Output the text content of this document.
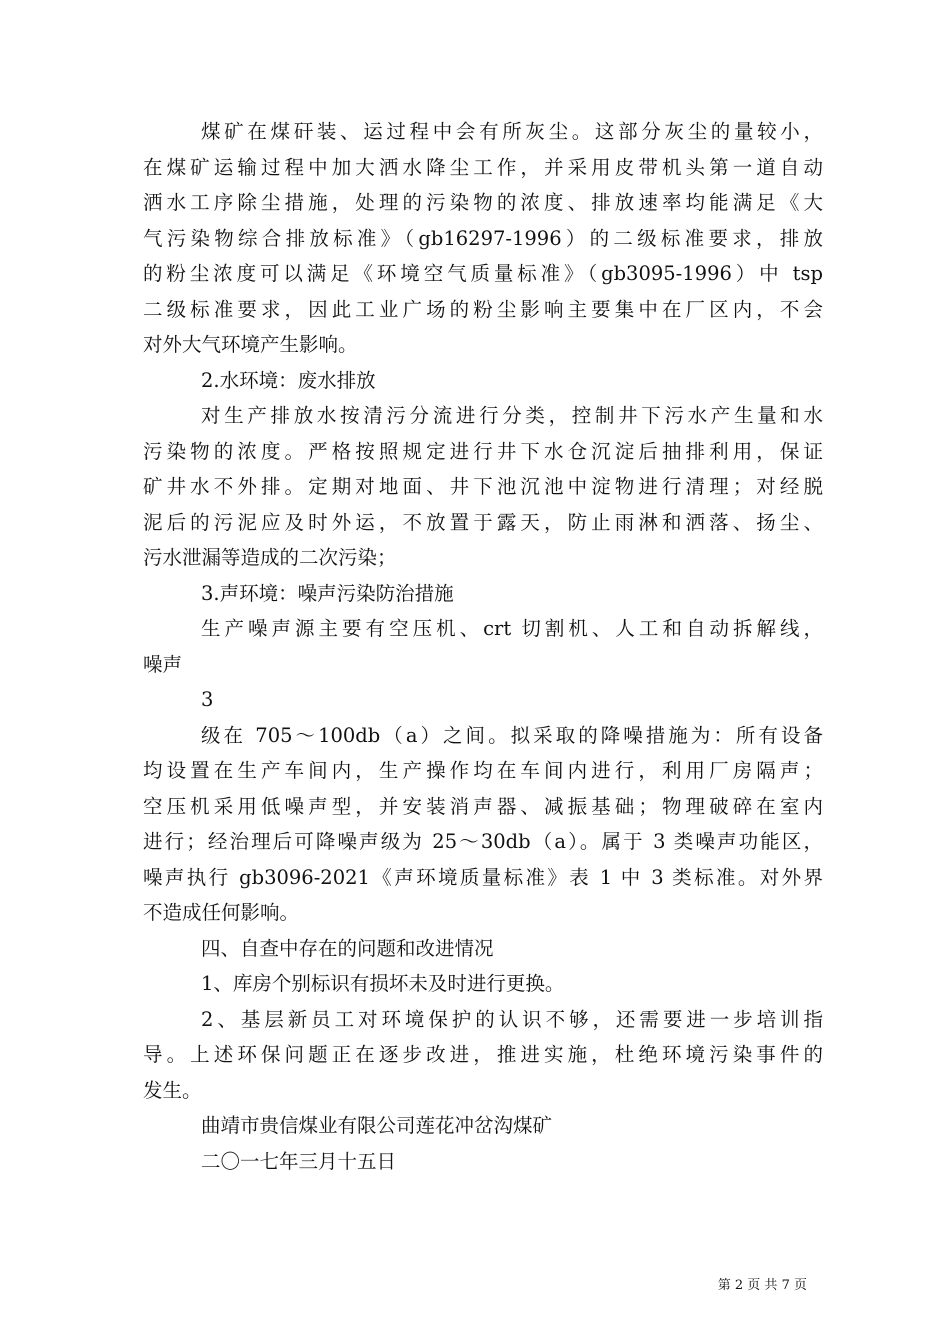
煤矿在煤矸装、运过程中会有所灰尘。这部分灰尘的量较小，
在煤矿运输过程中加大洒水降尘工作，并采用皮带机头第一道自动
洒水工序除尘措施，处理的污染物的浓度、排放速率均能满足《大
气污染物综合排放标准》（gb16297-1996）的二级标准要求，排放
的粉尘浓度可以满足《环境空气质量标准》（gb3095-1996）中 tsp
二级标准要求，因此工业广场的粉尘影响主要集中在厂区内，不会
对外大气环境产生影响。
2.水环境：废水排放
对生产排放水按清污分流进行分类，控制井下污水产生量和水
污染物的浓度。严格按照规定进行井下水仓沉淀后抽排利用，保证
矿井水不外排。定期对地面、井下池沉池中淀物进行清理；对经脱
泥后的污泥应及时外运，不放置于露天，防止雨淋和洒落、扬尘、
污水泄漏等造成的二次污染；
3.声环境：噪声污染防治措施
生产噪声源主要有空压机、crt 切割机、人工和自动拆解线，
噪声
3
级在 705～100db（a）之间。拟采取的降噪措施为：所有设备
均设置在生产车间内，生产操作均在车间内进行，利用厂房隔声；
空压机采用低噪声型，并安装消声器、减振基础；物理破碎在室内
进行；经治理后可降噪声级为 25～30db（a）。属于 3 类噪声功能区，
噪声执行 gb3096-2021《声环境质量标准》表 1 中 3 类标准。对外界
不造成任何影响。
四、自查中存在的问题和改进情况
1、库房个别标识有损坏未及时进行更换。
2、基层新员工对环境保护的认识不够，还需要进一步培训指
导。上述环保问题正在逐步改进，推进实施，杜绝环境污染事件的
发生。
曲靖市贵信煤业有限公司莲花冲岔沟煤矿
二〇一七年三月十五日
第 2 页 共 7 页
